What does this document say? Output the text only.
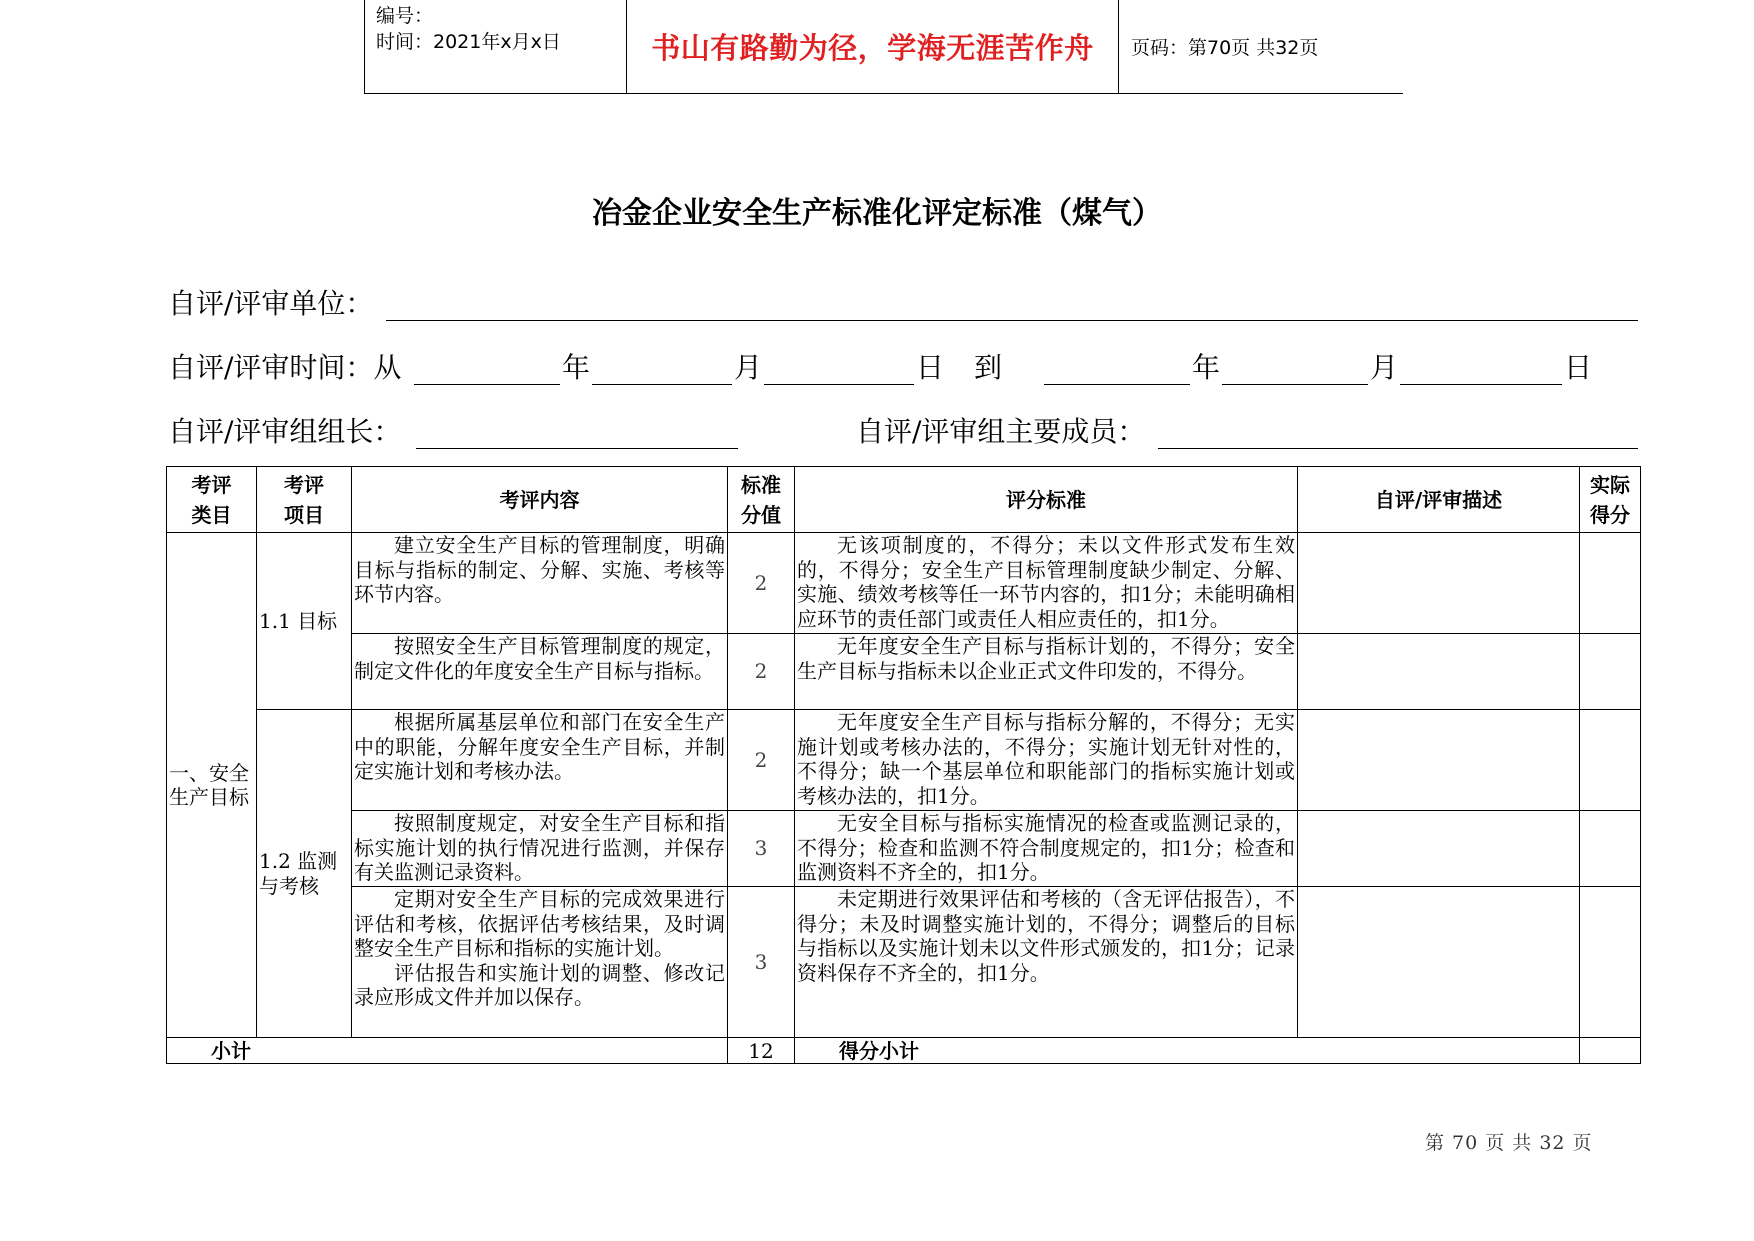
编号：
时间：2021年x月x日	书山有路勤为径，学海无涯苦作舟	页码：第70页 共32页
冶金企业安全生产标准化评定标准（煤气）
自评/评审单位：
自评/评审时间：从	年	月	日 到	年	月	日
自评/评审组组长：	自评/评审组主要成员：
考评类目	考评项目	考评内容	标准分值	评分标准	自评/评审描述	实际得分

一、安全生产目标	1.1 目标	建立安全生产目标的管理制度，明确目标与指标的制定、分解、实施、考核等环节内容。	2	无该项制度的，不得分；未以文件形式发布生效的，不得分；安全生产目标管理制度缺少制定、分解、实施、绩效考核等任一环节内容的，扣1分；未能明确相应环节的责任部门或责任人相应责任的，扣1分。		
		按照安全生产目标管理制度的规定，制定文件化的年度安全生产目标与指标。	2	无年度安全生产目标与指标计划的，不得分；安全生产目标与指标未以企业正式文件印发的，不得分。		
	1.2 监测与考核	根据所属基层单位和部门在安全生产中的职能，分解年度安全生产目标，并制定实施计划和考核办法。	2	无年度安全生产目标与指标分解的，不得分；无实施计划或考核办法的，不得分；实施计划无针对性的，不得分；缺一个基层单位和职能部门的指标实施计划或考核办法的，扣1分。		
		按照制度规定，对安全生产目标和指标实施计划的执行情况进行监测，并保存有关监测记录资料。	3	无安全目标与指标实施情况的检查或监测记录的，不得分；检查和监测不符合制度规定的，扣1分；检查和监测资料不齐全的，扣1分。		

		定期对安全生产目标的完成效果进行评估和考核，依据评估考核结果，及时调整安全生产目标和指标的实施计划。
评估报告和实施计划的调整、修改记录应形成文件并加以保存。	3	未定期进行效果评估和考核的（含无评估报告），不得分；未及时调整实施计划的，不得分；调整后的目标与指标以及实施计划未以文件形式颁发的，扣1分；记录资料保存不齐全的，扣1分。		
小计			12	得分小计		
第 70 页 共 32 页
